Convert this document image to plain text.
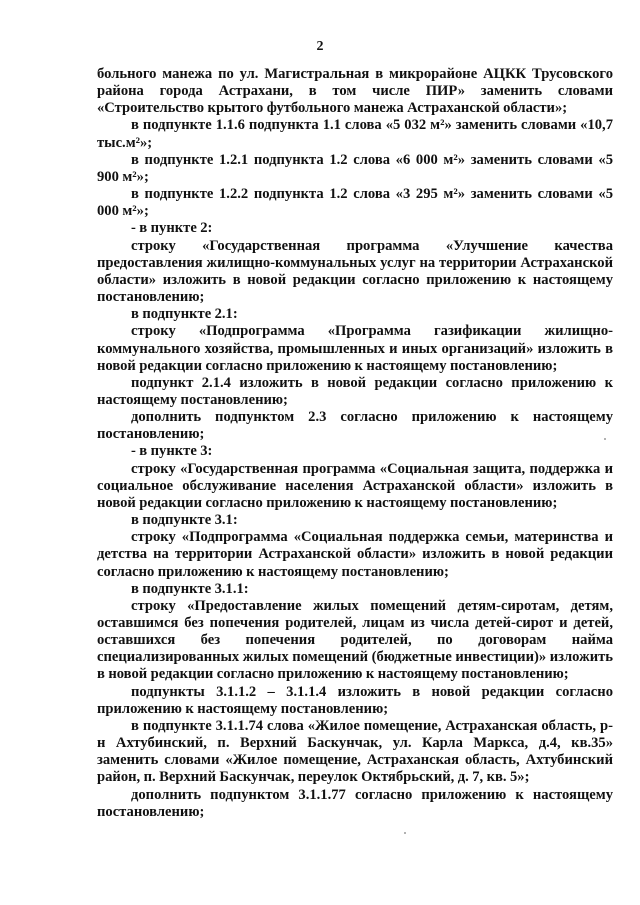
2

больного манежа по ул. Магистральная в микрорайоне АЦКК Трусовского района города Астрахани, в том числе ПИР» заменить словами «Строительство крытого футбольного манежа Астраханской области»;

в подпункте 1.1.6 подпункта 1.1 слова «5 032 м²» заменить словами «10,7 тыс.м²»;

в подпункте 1.2.1 подпункта 1.2 слова «6 000 м²» заменить словами «5 900 м²»;

в подпункте 1.2.2 подпункта 1.2 слова «3 295 м²» заменить словами «5 000 м²»;

- в пункте 2:

строку «Государственная программа «Улучшение качества предоставления жилищно-коммунальных услуг на территории Астраханской области» изложить в новой редакции согласно приложению к настоящему постановлению;

в подпункте 2.1:

строку «Подпрограмма «Программа газификации жилищно-коммунального хозяйства, промышленных и иных организаций» изложить в новой редакции согласно приложению к настоящему постановлению;

подпункт 2.1.4 изложить в новой редакции согласно приложению к настоящему постановлению;

дополнить подпунктом 2.3 согласно приложению к настоящему постановлению;

- в пункте 3:

строку «Государственная программа «Социальная защита, поддержка и социальное обслуживание населения Астраханской области» изложить в новой редакции согласно приложению к настоящему постановлению;

в подпункте 3.1:

строку «Подпрограмма «Социальная поддержка семьи, материнства и детства на территории Астраханской области» изложить в новой редакции согласно приложению к настоящему постановлению;

в подпункте 3.1.1:

строку «Предоставление жилых помещений детям-сиротам, детям, оставшимся без попечения родителей, лицам из числа детей-сирот и детей, оставшихся без попечения родителей, по договорам найма специализированных жилых помещений (бюджетные инвестиции)» изложить в новой редакции согласно приложению к настоящему постановлению;

подпункты 3.1.1.2 – 3.1.1.4 изложить в новой редакции согласно приложению к настоящему постановлению;

в подпункте 3.1.1.74 слова «Жилое помещение, Астраханская область, р-н Ахтубинский, п. Верхний Баскунчак, ул. Карла Маркса, д.4, кв.35» заменить словами «Жилое помещение, Астраханская область, Ахтубинский район, п. Верхний Баскунчак, переулок Октябрьский, д. 7, кв. 5»;

дополнить подпунктом 3.1.1.77 согласно приложению к настоящему постановлению;
